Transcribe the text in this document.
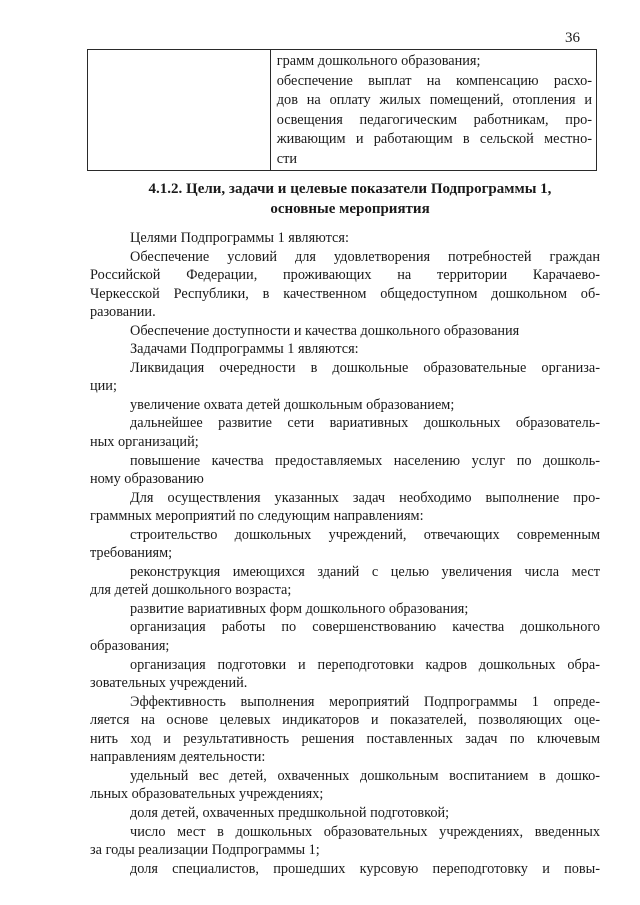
36

грамм дошкольного образования;
обеспечение выплат на компенсацию расхо-
дов на оплату жилых помещений, отопления и
освещения педагогическим работникам, про-
живающим и работающим в сельской местно-
сти
4.1.2. Цели, задачи и целевые показатели Подпрограммы 1,
основные мероприятия
Целями Подпрограммы 1 являются:
Обеспечение условий для удовлетворения потребностей граждан
Российской Федерации, проживающих на территории Карачаево-
Черкесской Республики, в качественном общедоступном дошкольном об-
разовании.
Обеспечение доступности и качества дошкольного образования
Задачами Подпрограммы 1 являются:
Ликвидация очередности в дошкольные образовательные организа-
ции;
увеличение охвата детей дошкольным образованием;
дальнейшее развитие сети вариативных дошкольных образователь-
ных организаций;
повышение качества предоставляемых населению услуг по дошколь-
ному образованию
Для осуществления указанных задач необходимо выполнение про-
граммных мероприятий по следующим направлениям:
строительство дошкольных учреждений, отвечающих современным
требованиям;
реконструкция имеющихся зданий с целью увеличения числа мест
для детей дошкольного возраста;
развитие вариативных форм дошкольного образования;
организация работы по совершенствованию качества дошкольного
образования;
организация подготовки и переподготовки кадров дошкольных обра-
зовательных учреждений.
Эффективность выполнения мероприятий Подпрограммы 1 опреде-
ляется на основе целевых индикаторов и показателей, позволяющих оце-
нить ход и результативность решения поставленных задач по ключевым
направлениям деятельности:
удельный вес детей, охваченных дошкольным воспитанием в дошко-
льных образовательных учреждениях;
доля детей, охваченных предшкольной подготовкой;
число мест в дошкольных образовательных учреждениях, введенных
за годы реализации Подпрограммы 1;
доля специалистов, прошедших курсовую переподготовку и повы-
